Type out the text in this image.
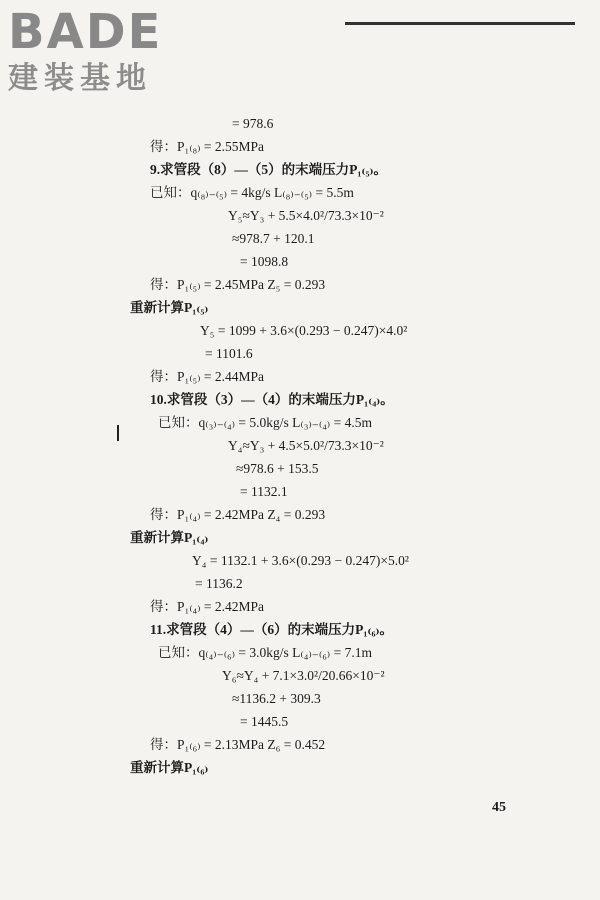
BADE
建装基地
= 978.6
得：P₁₍₈₎ = 2.55MPa
9.求管段（8）—（5）的末端压力P₁₍₅₎。
已知：q₍₈₎₋₍₅₎ = 4kg/s L₍₈₎₋₍₅₎ = 5.5m
Y₅≈Y₃ + 5.5×4.0²/73.3×10⁻²
≈978.7 + 120.1
= 1098.8
得：P₁₍₅₎ = 2.45MPa Z₅ = 0.293
重新计算P₁₍₅₎
Y₅ = 1099 + 3.6×(0.293 − 0.247)×4.0²
= 1101.6
得：P₁₍₅₎ = 2.44MPa
10.求管段（3）—（4）的末端压力P₁₍₄₎。
已知：q₍₃₎₋₍₄₎ = 5.0kg/s L₍₃₎₋₍₄₎ = 4.5m
Y₄≈Y₃ + 4.5×5.0²/73.3×10⁻²
≈978.6 + 153.5
= 1132.1
得：P₁₍₄₎ = 2.42MPa Z₄ = 0.293
重新计算P₁₍₄₎
Y₄ = 1132.1 + 3.6×(0.293 − 0.247)×5.0²
= 1136.2
得：P₁₍₄₎ = 2.42MPa
11.求管段（4）—（6）的末端压力P₁₍₆₎。
已知：q₍₄₎₋₍₆₎ = 3.0kg/s L₍₄₎₋₍₆₎ = 7.1m
Y₆≈Y₄ + 7.1×3.0²/20.66×10⁻²
≈1136.2 + 309.3
= 1445.5
得：P₁₍₆₎ = 2.13MPa Z₆ = 0.452
重新计算P₁₍₆₎
45
